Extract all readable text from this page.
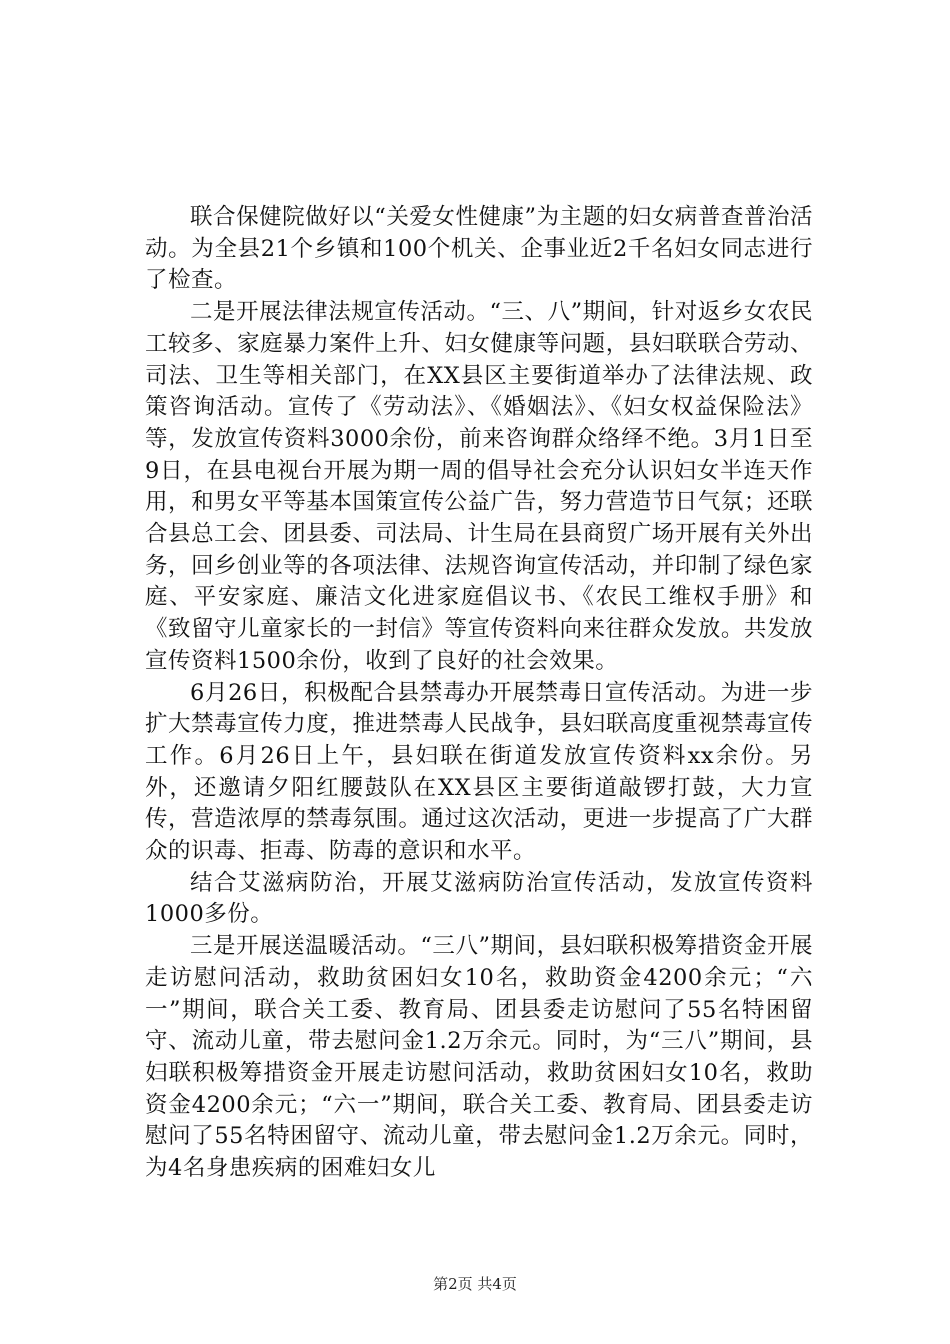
联合保健院做好以“关爱女性健康”为主题的妇女病普查普治活动。为全县21个乡镇和100个机关、企事业近2千名妇女同志进行了检查。

二是开展法律法规宣传活动。“三、八”期间，针对返乡女农民工较多、家庭暴力案件上升、妇女健康等问题，县妇联联合劳动、司法、卫生等相关部门，在XX县区主要街道举办了法律法规、政策咨询活动。宣传了《劳动法》、《婚姻法》、《妇女权益保险法》等，发放宣传资料3000余份，前来咨询群众络绎不绝。3月1日至9日，在县电视台开展为期一周的倡导社会充分认识妇女半连天作用，和男女平等基本国策宣传公益广告，努力营造节日气氛；还联合县总工会、团县委、司法局、计生局在县商贸广场开展有关外出务，回乡创业等的各项法律、法规咨询宣传活动，并印制了绿色家庭、平安家庭、廉洁文化进家庭倡议书、《农民工维权手册》和《致留守儿童家长的一封信》等宣传资料向来往群众发放。共发放宣传资料1500余份，收到了良好的社会效果。

6月26日，积极配合县禁毒办开展禁毒日宣传活动。为进一步扩大禁毒宣传力度，推进禁毒人民战争，县妇联高度重视禁毒宣传工作。6月26日上午，县妇联在街道发放宣传资料xx余份。另外，还邀请夕阳红腰鼓队在XX县区主要街道敲锣打鼓，大力宣传，营造浓厚的禁毒氛围。通过这次活动，更进一步提高了广大群众的识毒、拒毒、防毒的意识和水平。

结合艾滋病防治，开展艾滋病防治宣传活动，发放宣传资料1000多份。

三是开展送温暖活动。“三八”期间，县妇联积极筹措资金开展走访慰问活动，救助贫困妇女10名，救助资金4200余元；“六一”期间，联合关工委、教育局、团县委走访慰问了55名特困留守、流动儿童，带去慰问金1.2万余元。同时，为“三八”期间，县妇联积极筹措资金开展走访慰问活动，救助贫困妇女10名，救助资金4200余元；“六一”期间，联合关工委、教育局、团县委走访慰问了55名特困留守、流动儿童，带去慰问金1.2万余元。同时，为4名身患疾病的困难妇女儿

第2页 共4页
